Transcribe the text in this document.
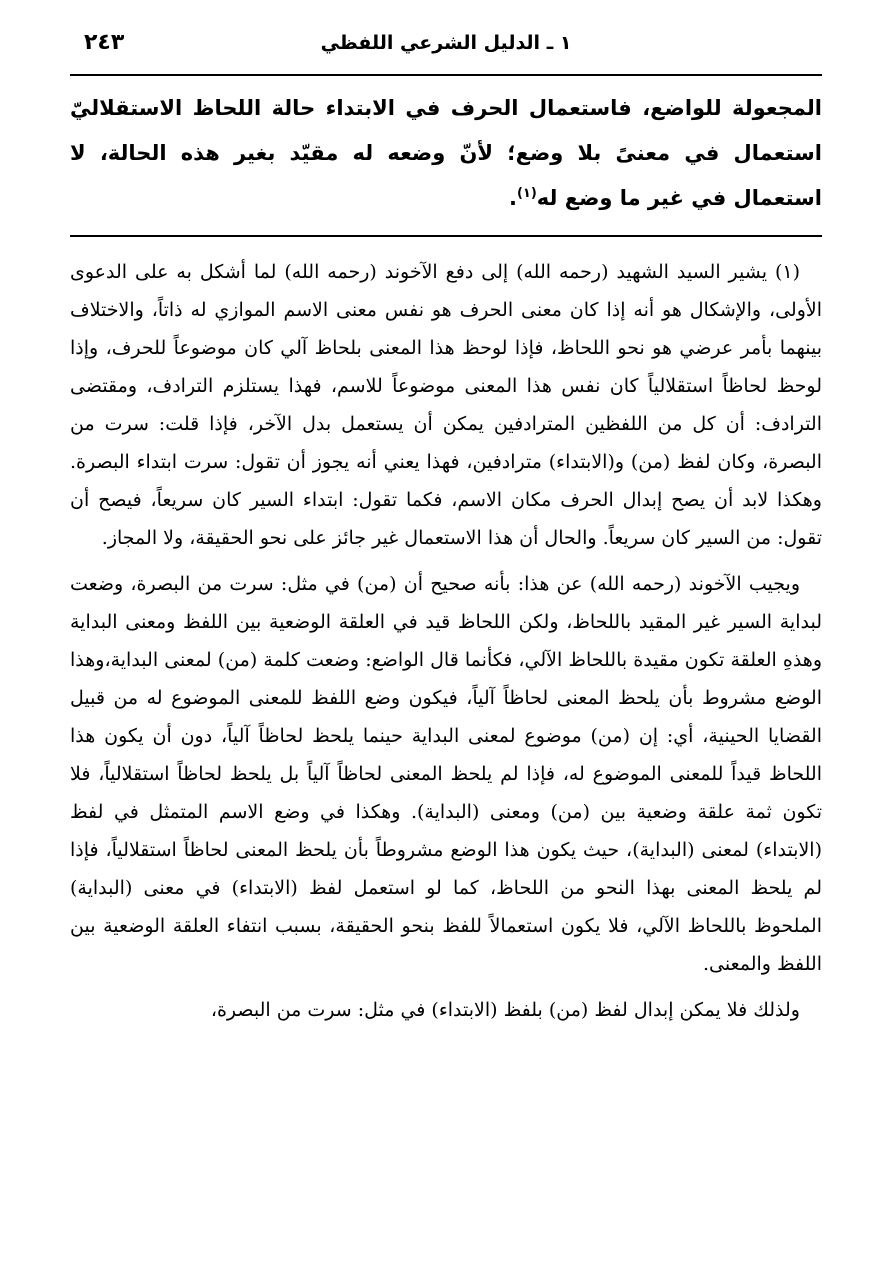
١ ـ الدليل الشرعي اللفظي
٢٤٣
المجعولة للواضع، فاستعمال الحرف في الابتداء حالة اللحاظ الاستقلاليّ استعمال في معنىً بلا وضع؛ لأنّ وضعه له مقيّد بغير هذه الحالة، لا استعمال في غير ما وضع له$^{(١)}$.

(١) يشير السيد الشهيد (رحمه الله) إلى دفع الآخوند (رحمه الله) لما أشكل به على الدعوى الأولى، والإشكال هو أنه إذا كان معنى الحرف هو نفس معنى الاسم الموازي له ذاتاً، والاختلاف بينهما بأمر عرضي هو نحو اللحاظ، فإذا لوحظ هذا المعنى بلحاظ آلي كان موضوعاً للحرف، وإذا لوحظ لحاظاً استقلالياً كان نفس هذا المعنى موضوعاً للاسم، فهذا يستلزم الترادف، ومقتضى الترادف: أن كل من اللفظين المترادفين يمكن أن يستعمل بدل الآخر، فإذا قلت: سرت من البصرة، وكان لفظ (من) و(الابتداء) مترادفين، فهذا يعني أنه يجوز أن تقول: سرت ابتداء البصرة. وهكذا لابد أن يصح إبدال الحرف مكان الاسم، فكما تقول: ابتداء السير كان سريعاً، فيصح أن تقول: من السير كان سريعاً. والحال أن هذا الاستعمال غير جائز على نحو الحقيقة، ولا المجاز.

ويجيب الآخوند (رحمه الله) عن هذا: بأنه صحيح أن (من) في مثل: سرت من البصرة، وضعت لبداية السير غير المقيد باللحاظ، ولكن اللحاظ قيد في العلقة الوضعية بين اللفظ ومعنى البداية وهذهِ العلقة تكون مقيدة باللحاظ الآلي، فكأنما قال الواضع: وضعت كلمة (من) لمعنى البداية،وهذا الوضع مشروط بأن يلحظ المعنى لحاظاً آلياً، فيكون وضع اللفظ للمعنى الموضوع له من قبيل القضايا الحينية، أي: إن (من) موضوع لمعنى البداية حينما يلحظ لحاظاً آلياً، دون أن يكون هذا اللحاظ قيداً للمعنى الموضوع له، فإذا لم يلحظ المعنى لحاظاً آلياً بل يلحظ لحاظاً استقلالياً، فلا تكون ثمة علقة وضعية بين (من) ومعنى (البداية). وهكذا في وضع الاسم المتمثل في لفظ (الابتداء) لمعنى (البداية)، حيث يكون هذا الوضع مشروطاً بأن يلحظ المعنى لحاظاً استقلالياً، فإذا لم يلحظ المعنى بهذا النحو من اللحاظ، كما لو استعمل لفظ (الابتداء) في معنى (البداية) الملحوظ باللحاظ الآلي، فلا يكون استعمالاً للفظ بنحو الحقيقة، بسبب انتفاء العلقة الوضعية بين اللفظ والمعنى.

ولذلك فلا يمكن إبدال لفظ (من) بلفظ (الابتداء) في مثل: سرت من البصرة،
